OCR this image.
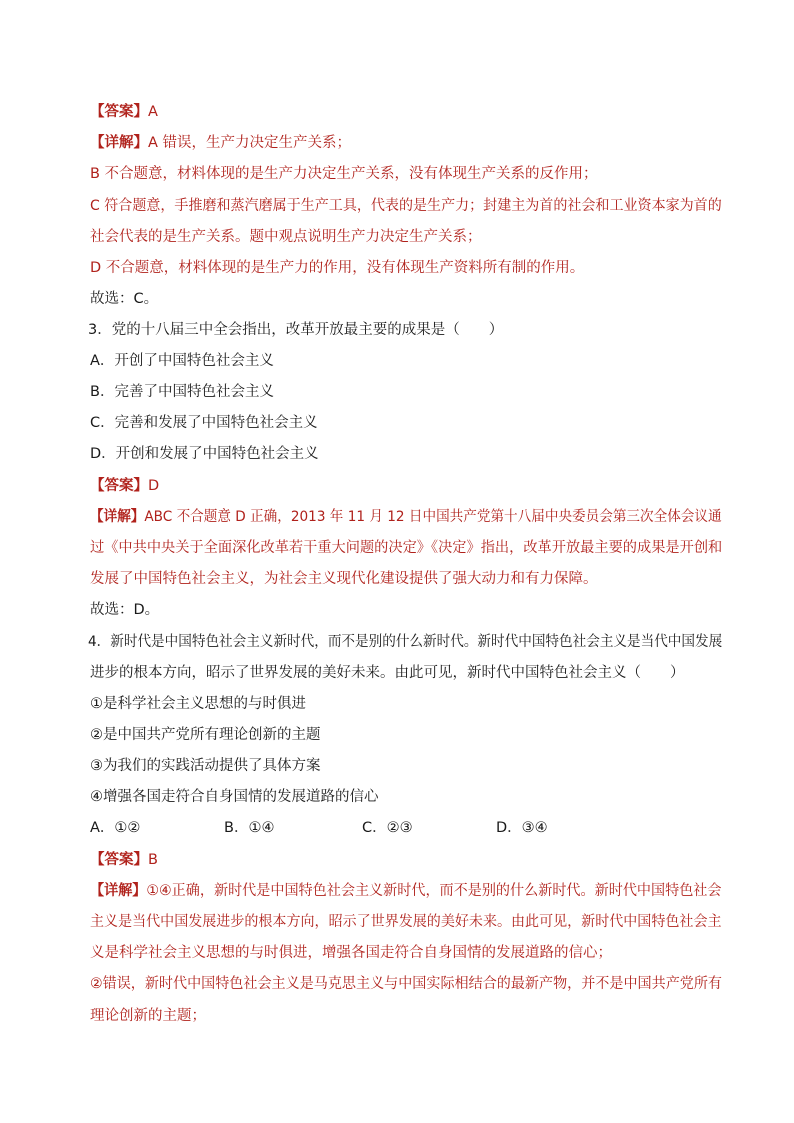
【答案】A
【详解】A 错误，生产力决定生产关系；
B 不合题意，材料体现的是生产力决定生产关系，没有体现生产关系的反作用；
C 符合题意，手推磨和蒸汽磨属于生产工具，代表的是生产力；封建主为首的社会和工业资本家为首的
社会代表的是生产关系。题中观点说明生产力决定生产关系；
D 不合题意，材料体现的是生产力的作用，没有体现生产资料所有制的作用。
故选：C。
3．党的十八届三中全会指出，改革开放最主要的成果是（　　）
A．开创了中国特色社会主义
B．完善了中国特色社会主义
C．完善和发展了中国特色社会主义
D．开创和发展了中国特色社会主义
【答案】D
【详解】ABC 不合题意 D 正确，2013 年 11 月 12 日中国共产党第十八届中央委员会第三次全体会议通
过《中共中央关于全面深化改革若干重大问题的决定》《决定》指出，改革开放最主要的成果是开创和
发展了中国特色社会主义，为社会主义现代化建设提供了强大动力和有力保障。
故选：D。
4．新时代是中国特色社会主义新时代，而不是别的什么新时代。新时代中国特色社会主义是当代中国发展
进步的根本方向，昭示了世界发展的美好未来。由此可见，新时代中国特色社会主义（　　）
①是科学社会主义思想的与时俱进
②是中国共产党所有理论创新的主题
③为我们的实践活动提供了具体方案
④增强各国走符合自身国情的发展道路的信心
A．①②	B．①④	C．②③	D．③④
【答案】B
【详解】①④正确，新时代是中国特色社会主义新时代，而不是别的什么新时代。新时代中国特色社会
主义是当代中国发展进步的根本方向，昭示了世界发展的美好未来。由此可见，新时代中国特色社会主
义是科学社会主义思想的与时俱进，增强各国走符合自身国情的发展道路的信心；
②错误，新时代中国特色社会主义是马克思主义与中国实际相结合的最新产物，并不是中国共产党所有
理论创新的主题；
